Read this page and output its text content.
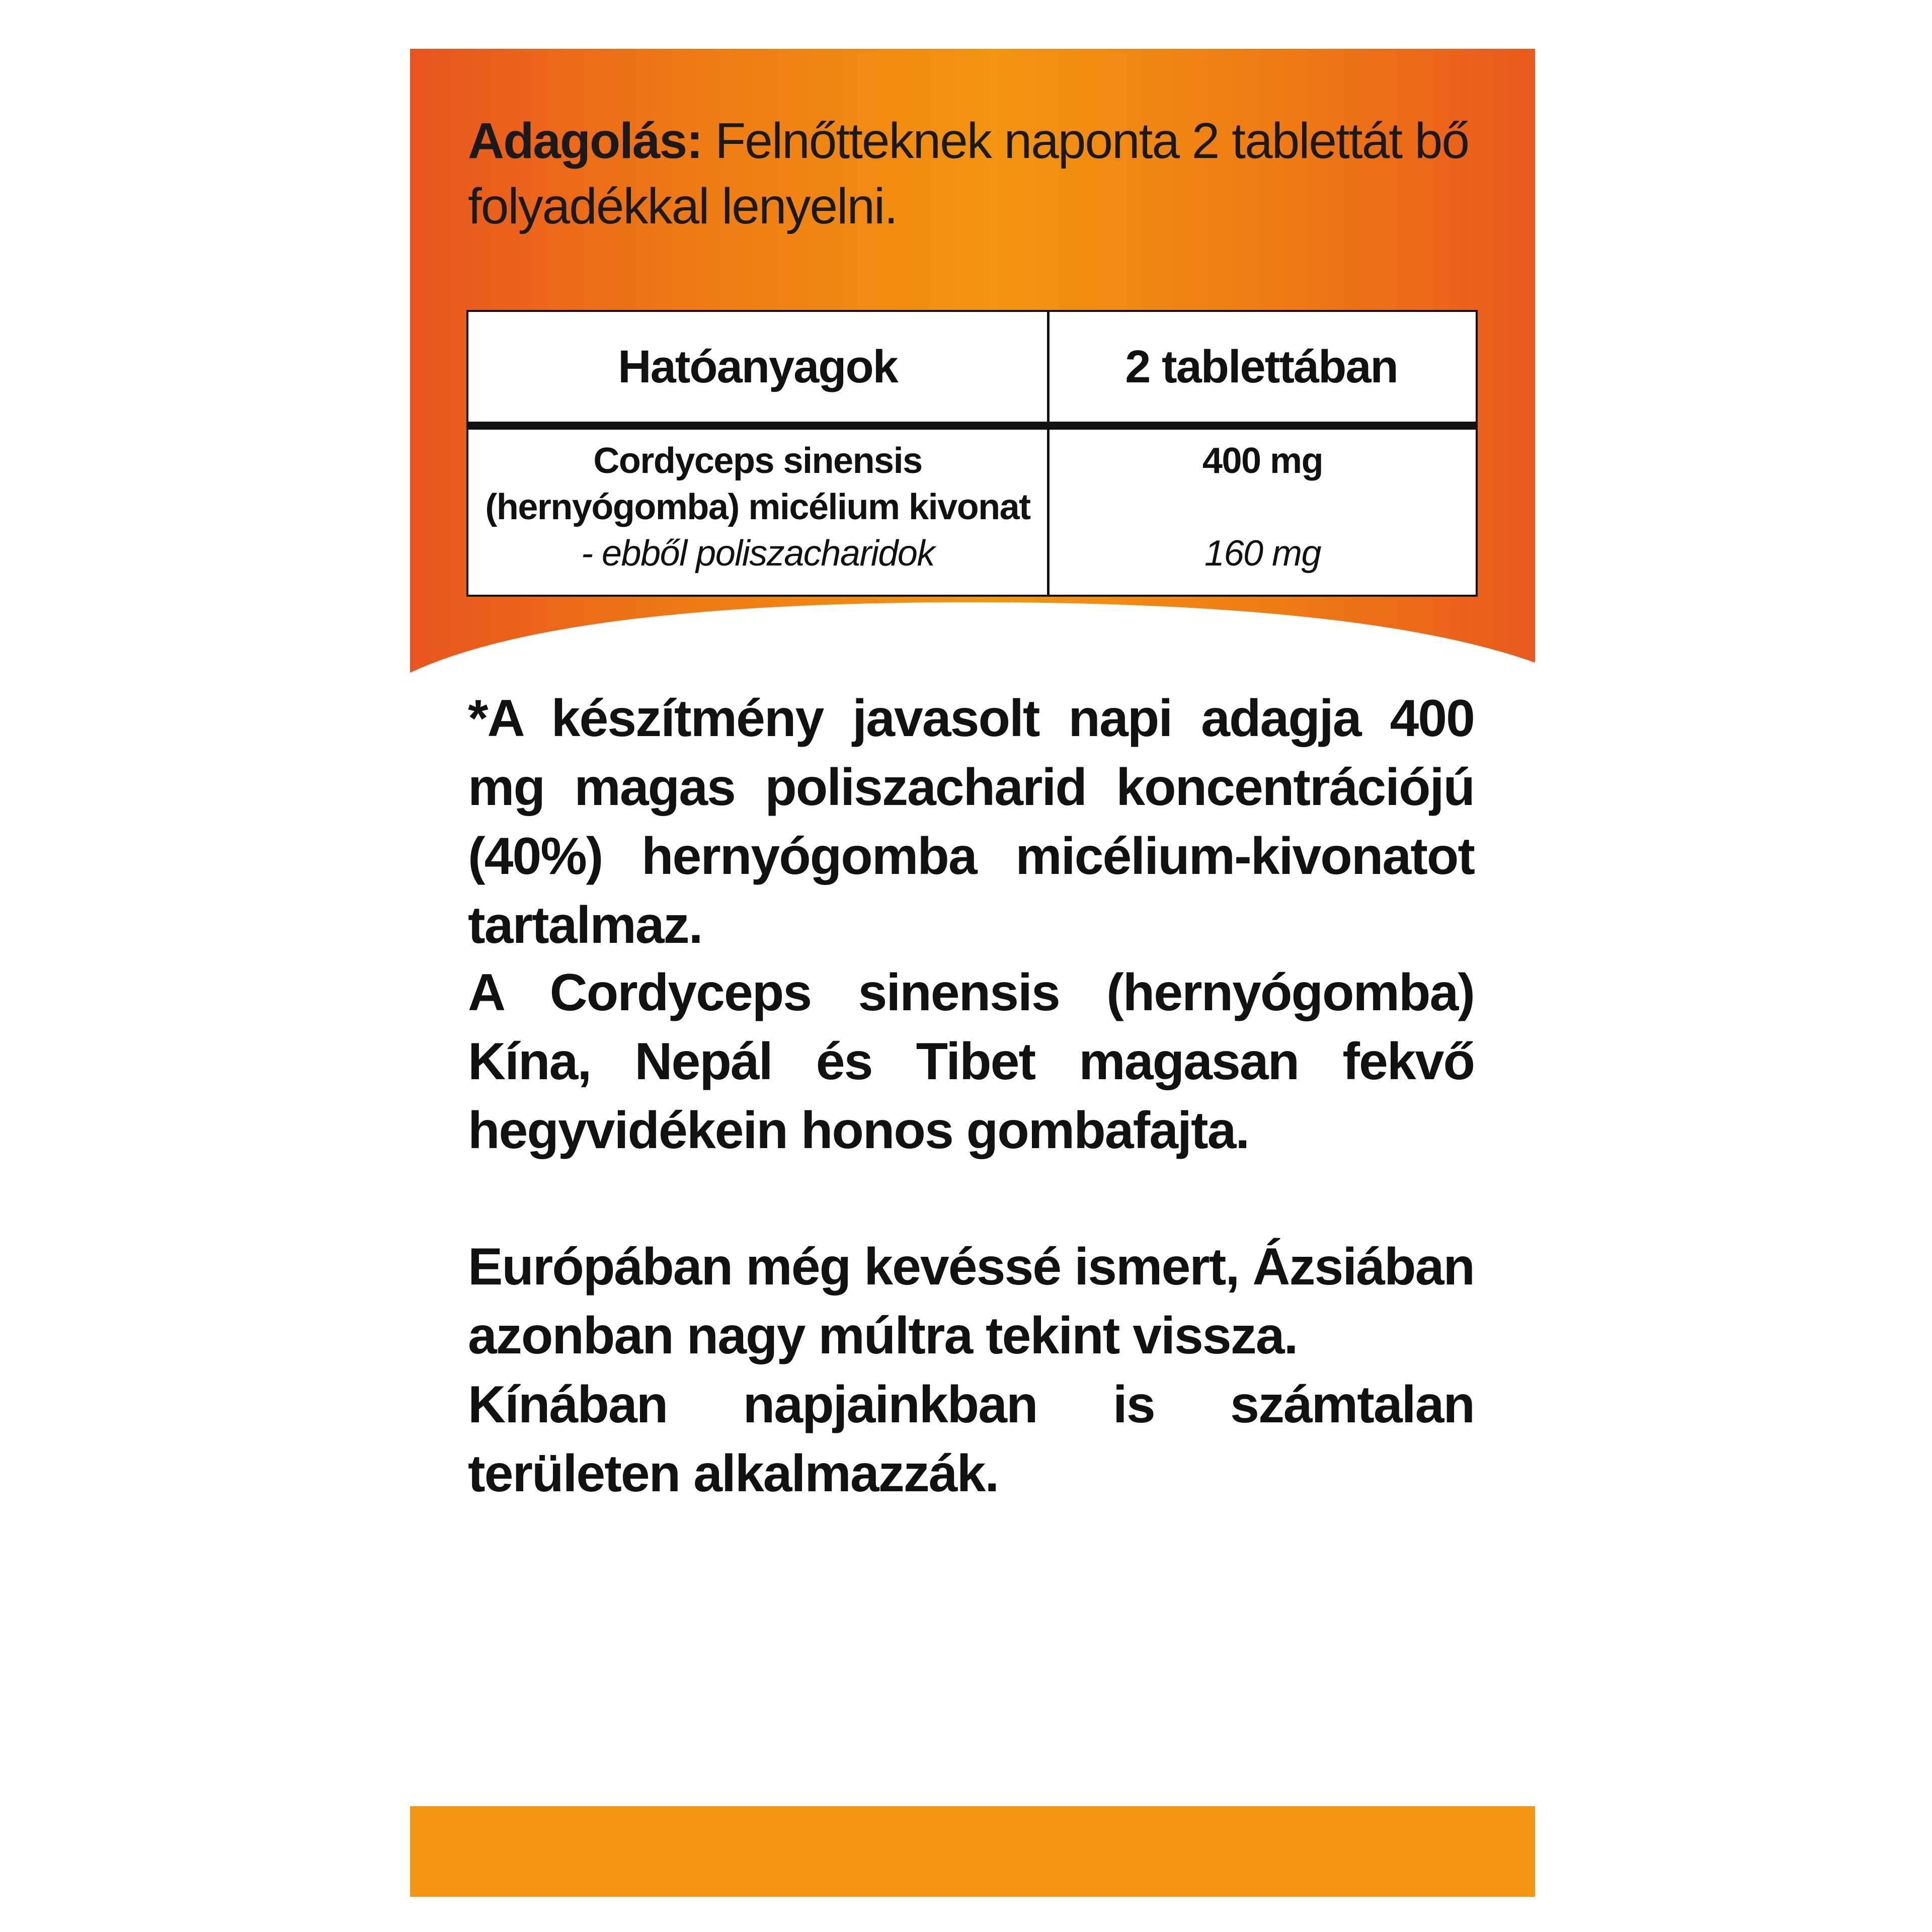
Adagolás: Felnőtteknek naponta 2 tablettát bő folyadékkal lenyelni.
Hatóanyagok	2 tablettában
Cordyceps sinensis (hernyógomba) micélium kivonat
- ebből poliszacharidok
400 mg
160 mg
*A készítmény javasolt napi adagja 400 mg magas poliszacharid koncentrációjú (40%) hernyógomba micélium-kivonatot tartalmaz.
A Cordyceps sinensis (hernyógomba) Kína, Nepál és Tibet magasan fekvő hegyvidékein honos gombafajta.
Európában még kevéssé ismert, Ázsiában azonban nagy múltra tekint vissza.
Kínában napjainkban is számtalan területen alkalmazzák.
